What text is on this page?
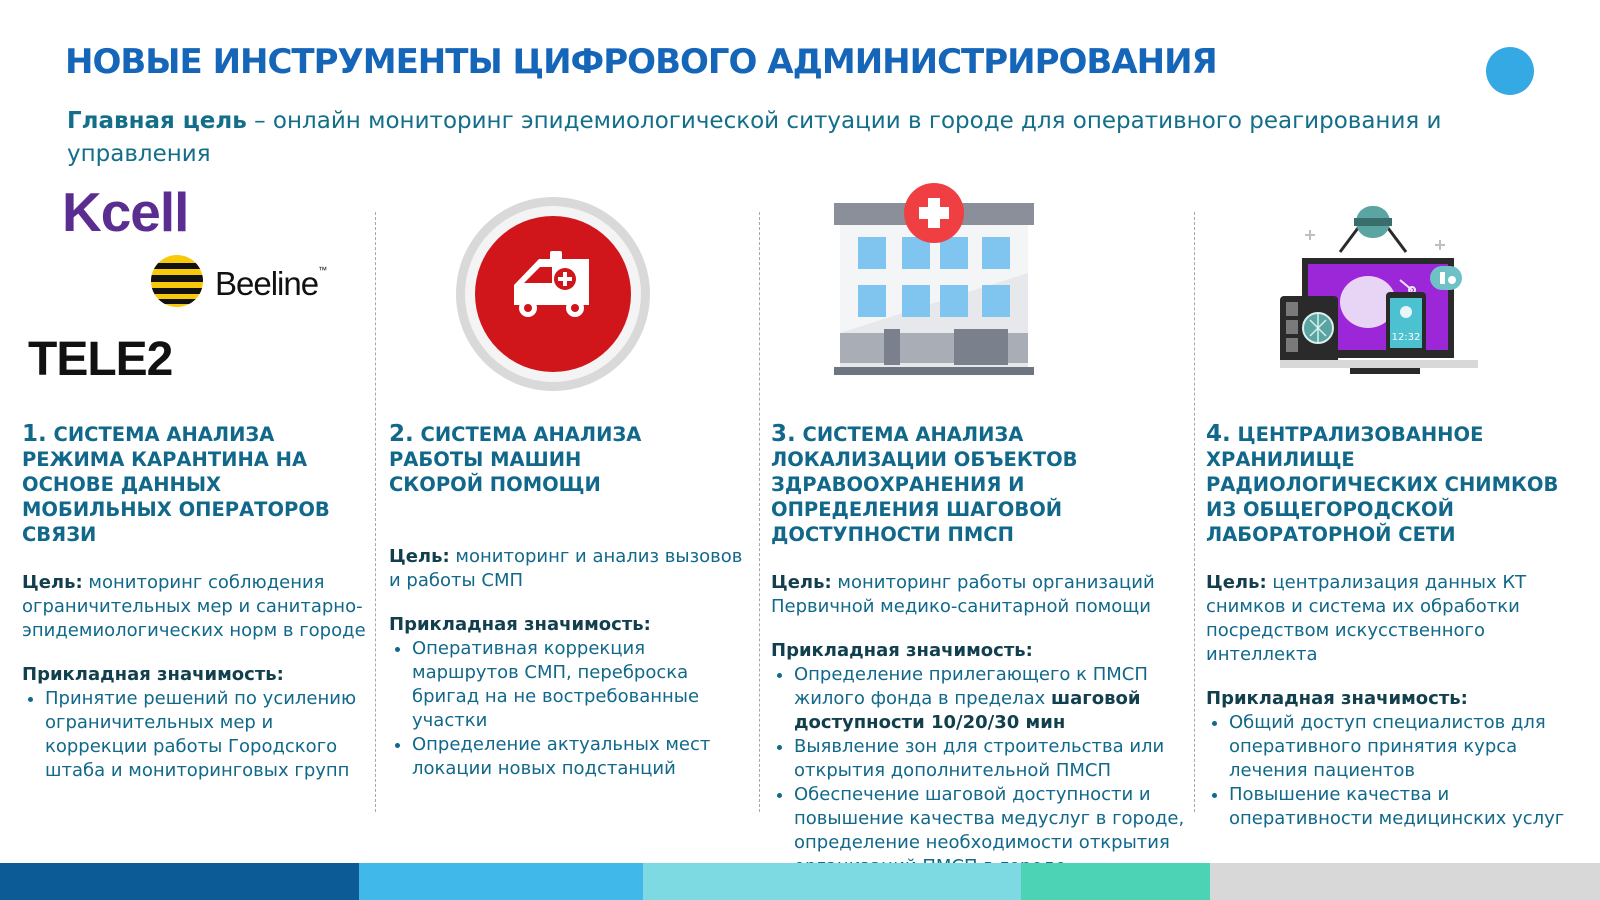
НОВЫЕ ИНСТРУМЕНТЫ ЦИФРОВОГО АДМИНИСТРИРОВАНИЯ
Главная цель – онлайн мониторинг эпидемиологической ситуации в городе для оперативного реагирования и управления
Kcell
Beeline™
TELE2	12:32

1. СИСТЕМА АНАЛИЗА РЕЖИМА КАРАНТИНА НА ОСНОВЕ ДАННЫХ МОБИЛЬНЫХ ОПЕРАТОРОВ СВЯЗИ

Цель: мониторинг соблюдения ограничительных мер и санитарно-эпидемиологических норм в городе

Прикладная значимость:

• Принятие решений по усилению ограничительных мер и коррекции работы Городского штаба и мониторинговых групп

2. СИСТЕМА АНАЛИЗА РАБОТЫ МАШИН СКОРОЙ ПОМОЩИ

Цель: мониторинг и анализ вызовов и работы СМП

Прикладная значимость:

• Оперативная коррекция маршрутов СМП, переброска бригад на не востребованные участки
• Определение актуальных мест локации новых подстанций

3. СИСТЕМА АНАЛИЗА ЛОКАЛИЗАЦИИ ОБЪЕКТОВ ЗДРАВООХРАНЕНИЯ И ОПРЕДЕЛЕНИЯ ШАГОВОЙ ДОСТУПНОСТИ ПМСП

Цель: мониторинг работы организаций Первичной медико-санитарной помощи

Прикладная значимость:

• Определение прилегающего к ПМСП жилого фонда в пределах шаговой доступности 10/20/30 мин
• Выявление зон для строительства или открытия дополнительной ПМСП
• Обеспечение шаговой доступности и повышение качества медуслуг в городе, определение необходимости открытия

4. ЦЕНТРАЛИЗОВАННОЕ ХРАНИЛИЩЕ РАДИОЛОГИЧЕСКИХ СНИМКОВ ИЗ ОБЩЕГОРОДСКОЙ ЛАБОРАТОРНОЙ СЕТИ

Цель: централизация данных КТ снимков и система их обработки посредством искусственного интеллекта

Прикладная значимость:

• Общий доступ специалистов для оперативного принятия курса лечения пациентов
• Повышение качества и оперативности медицинских услуг
